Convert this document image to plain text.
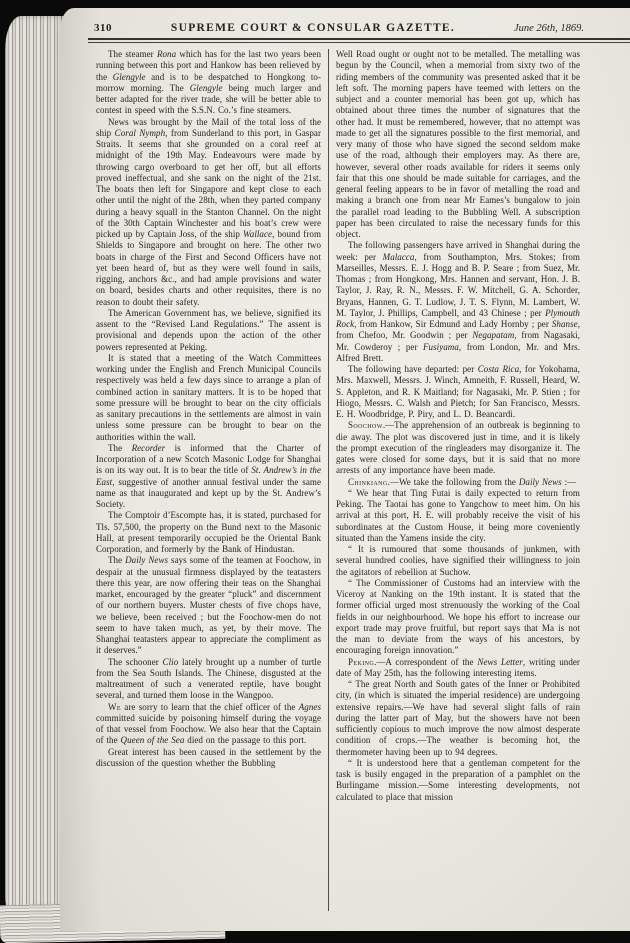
310	SUPREME COURT & CONSULAR GAZETTE.	June 26th, 1869.

The steamer Rona which has for the last two years been running between this port and Hankow has been relieved by the Glengyle and is to be despatched to Hongkong to-morrow morning. The Glengyle being much larger and better adapted for the river trade, she will be better able to contest in speed with the S.S.N. Co.’s fine steamers.

News was brought by the Mail of the total loss of the ship Coral Nymph, from Sunderland to this port, in Gaspar Straits. It seems that she grounded on a coral reef at midnight of the 19th May. Endeavours were made by throwing cargo overboard to get her off, but all efforts proved ineffectual, and she sank on the night of the 21st. The boats then left for Singapore and kept close to each other until the night of the 28th, when they parted company during a heavy squall in the Stanton Channel. On the night of the 30th Captain Winchester and his boat’s crew were picked up by Captain Joss, of the ship Wallace, bound from Shields to Singapore and brought on here. The other two boats in charge of the First and Second Officers have not yet been heard of, but as they were well found in sails, rigging, anchors &c., and had ample provisions and water on board, besides charts and other requisites, there is no reason to doubt their safety.

The American Government has, we believe, signified its assent to the “Revised Land Regulations.” The assent is provisional and depends upon the action of the other powers represented at Peking.

It is stated that a meeting of the Watch Committees working under the English and French Municipal Councils respectively was held a few days since to arrange a plan of combined action in sanitary matters. It is to be hoped that some pressure will be brought to bear on the city officials as sanitary precautions in the settlements are almost in vain unless some pressure can be brought to bear on the authorities within the wall.

The Recorder is informed that the Charter of Incorporation of a new Scotch Masonic Lodge for Shanghai is on its way out. It is to bear the title of St. Andrew’s in the East, suggestive of another annual festival under the same name as that inaugurated and kept up by the St. Andrew’s Society.

The Comptoir d’Escompte has, it is stated, purchased for Tls. 57,500, the property on the Bund next to the Masonic Hall, at present temporarily occupied be the Oriental Bank Corporation, and formerly by the Bank of Hindustan.

The Daily News says some of the teamen at Foochow, in despair at the unusual firmness displayed by the teatasters there this year, are now offering their teas on the Shanghai market, encouraged by the greater “pluck” and discernment of our northern buyers. Muster chests of five chops have, we believe, been received ; but the Foochow-men do not seem to have taken much, as yet, by their move. The Shanghai teatasters appear to appreciate the compliment as it deserves.”

The schooner Clio lately brought up a number of turtle from the Sea South Islands. The Chinese, disgusted at the maltreatment of such a venerated reptile, have bought several, and turned them loose in the Wangpoo.

We are sorry to learn that the chief officer of the Agnes committed suicide by poisoning himself during the voyage of that vessel from Foochow. We also hear that the Captain of the Queen of the Sea died on the passage to this port.

Great interest has been caused in the settlement by the discussion of the question whether the Bubbling

Well Road ought or ought not to be metalled. The metalling was begun by the Council, when a memorial from sixty two of the riding members of the community was presented asked that it be left soft. The morning papers have teemed with letters on the subject and a counter memorial has been got up, which has obtained about three times the number of signatures that the other had. It must be remembered, however, that no attempt was made to get all the signatures possible to the first memorial, and very many of those who have signed the second seldom make use of the road, although their employers may. As there are, however, several other roads available for riders it seems only fair that this one should be made suitable for carriages, and the general feeling appears to be in favor of metalling the road and making a branch one from near Mr Eames’s bungalow to join the parallel road leading to the Bubbling Well. A subscription paper has been circulated to raise the necessary funds for this object.

The following passengers have arrived in Shanghai during the week: per Malacca, from Southampton, Mrs. Stokes; from Marseilles, Messrs. E. J. Hogg and B. P. Seare ; from Suez, Mr. Thomas ; from Hongkong, Mrs. Hannen and servant, Hon. J. B. Taylor, J. Ray, R. N., Messrs. F. W. Mitchell, G. A. Schorder, Bryans, Hannen, G. T. Ludlow, J. T. S. Flynn, M. Lambert, W. M. Taylor, J. Phillips, Campbell, and 43 Chinese ; per Plymouth Rock, from Hankow, Sir Edmund and Lady Hornby ; per Shanse, from Chefoo, Mr. Goodwin ; per Negapatam, from Nagasaki, Mr. Cowderoy ; per Fusiyama, from London, Mr. and Mrs. Alfred Brett.

The following have departed: per Costa Rica, for Yokohama, Mrs. Maxwell, Messrs. J. Winch, Amneith, F. Russell, Heard, W. S. Appleton, and R. K Maitland; for Nagasaki, Mr. P. Stien ; for Hiogo, Messrs. C. Walsh and Pietch; for San Francisco, Messrs. E. H. Woodbridge, P. Piry, and L. D. Beancardi.

Soochow.—The apprehension of an outbreak is beginning to die away. The plot was discovered just in time, and it is likely the prompt execution of the ringleaders may disorganize it. The gates were closed for some days, but it is said that no more arrests of any importance have been made.

Chinkiang.—We take the following from the Daily News :—

“ We hear that Ting Futai is daily expected to return from Peking. The Taotai has gone to Yangchow to meet him. On his arrival at this port, H. E. will probably receive the visit of his subordinates at the Custom House, it being more coveniently situated than the Yamens inside the city.

“ It is rumoured that some thousands of junkmen, with several hundred coolies, have signified their willingness to join the agitators of rebellion at Suchow.

“ The Commissioner of Customs had an interview with the Viceroy at Nanking on the 19th instant. It is stated that the former official urged most strenuously the working of the Coal fields in our neighbourhood. We hope his effort to increase our export trade may prove fruitful, but report says that Ma is not the man to deviate from the ways of his ancestors, by encouraging foreign innovation.”

Peking.—A correspondent of the News Letter, writing under date of May 25th, has the following interesting items.

“ The great North and South gates of the Inner or Prohibited city, (in which is situated the imperial residence) are undergoing extensive repairs.—We have had several slight falls of rain during the latter part of May, but the showers have not been sufficiently copious to much improve the now almost desperate condition of crops.—The weather is becoming hot, the thermometer having been up to 94 degrees.

“ It is understood here that a gentleman competent for the task is busily engaged in the preparation of a pamphlet on the Burlingame mission.—Some interesting developments, not calculated to place that mission
